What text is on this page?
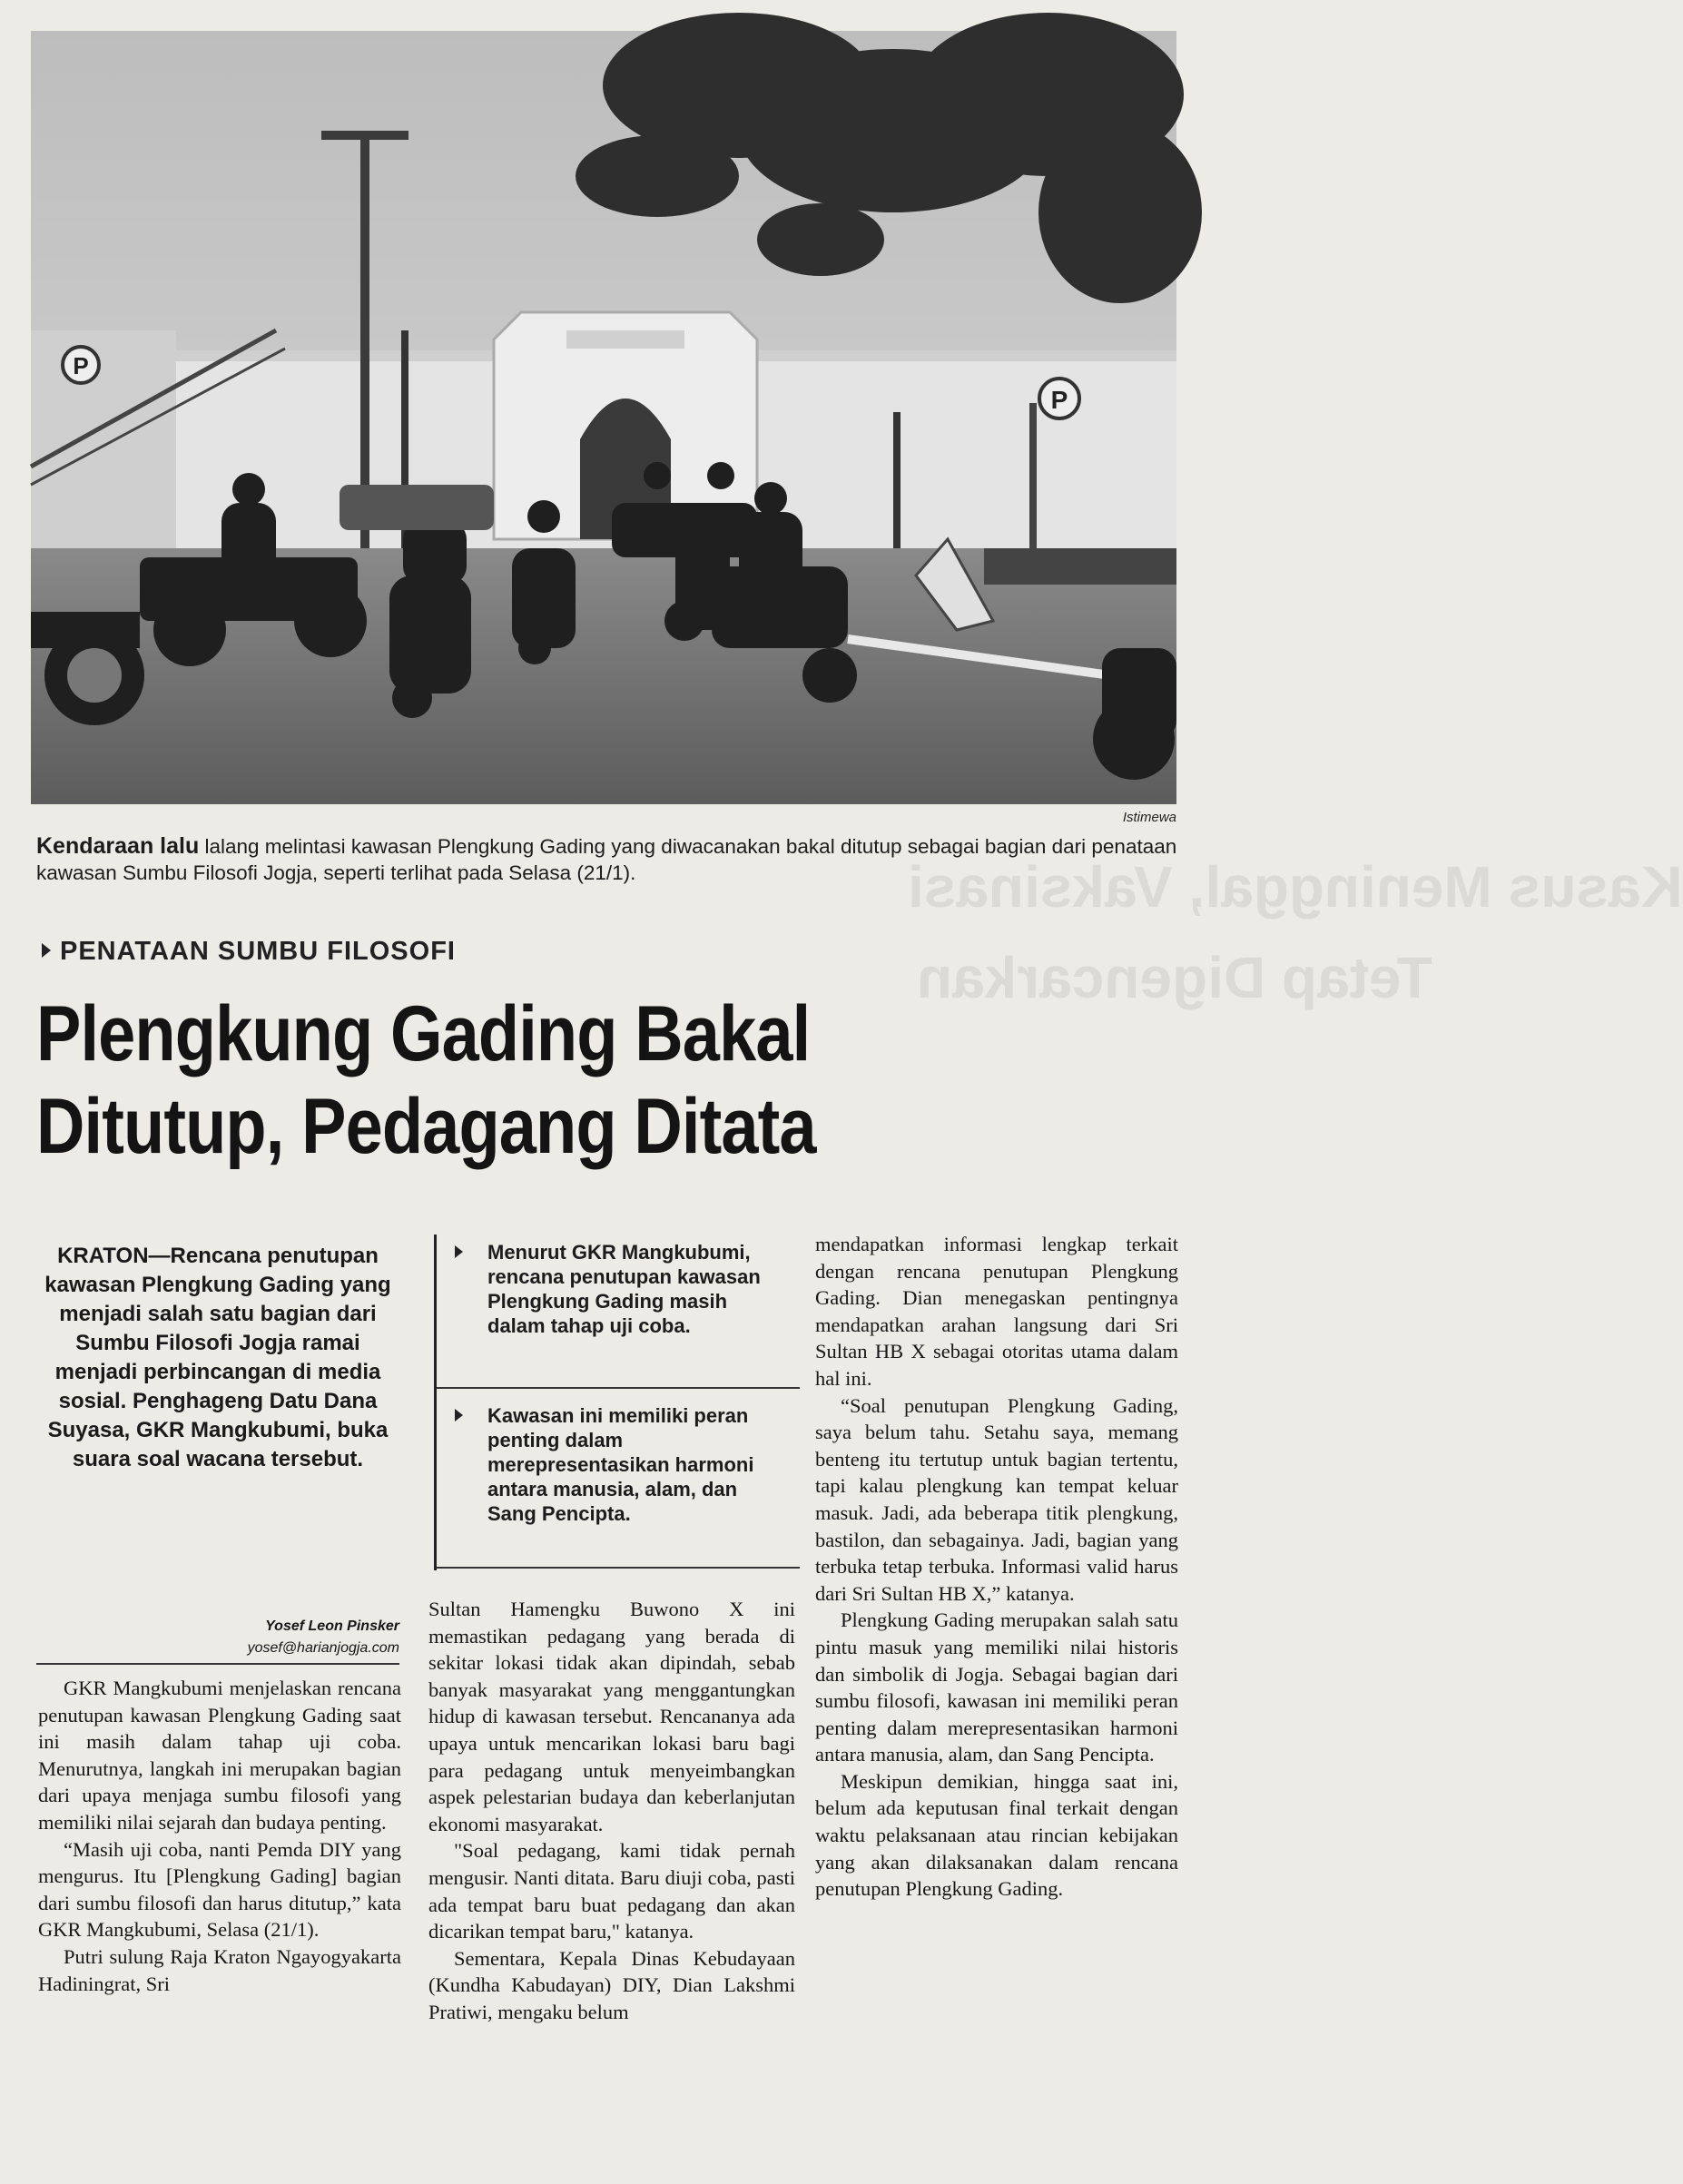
Kasus Meninggal, Vaksinasi
Tetap Digencarkan
P
P
Istimewa
Kendaraan lalu lalang melintasi kawasan Plengkung Gading yang diwacanakan bakal ditutup sebagai bagian dari penataan kawasan Sumbu Filosofi Jogja, seperti terlihat pada Selasa (21/1).
PENATAAN SUMBU FILOSOFI
Plengkung Gading Bakal
Ditutup, Pedagang Ditata
KRATON—Rencana penutupan kawasan Plengkung Gading yang menjadi salah satu bagian dari Sumbu Filosofi Jogja ramai menjadi perbincangan di media sosial. Penghageng Datu Dana Suyasa, GKR Mangkubumi, buka suara soal wacana tersebut.
Yosef Leon Pinsker
yosef@harianjogja.com
Menurut GKR Mangkubumi, rencana penutupan kawasan Plengkung Gading masih dalam tahap uji coba.
Kawasan ini memiliki peran penting dalam merepresentasikan harmoni antara manusia, alam, dan Sang Pencipta.

GKR Mangkubumi menjelaskan rencana penutupan kawasan Plengkung Gading saat ini masih dalam tahap uji coba. Menurutnya, langkah ini merupakan bagian dari upaya menjaga sumbu filosofi yang memiliki nilai sejarah dan budaya penting.

“Masih uji coba, nanti Pemda DIY yang mengurus. Itu [Plengkung Gading] bagian dari sumbu filosofi dan harus ditutup,” kata GKR Mangkubumi, Selasa (21/1).

Putri sulung Raja Kraton Ngayogyakarta Hadiningrat, Sri

Sultan Hamengku Buwono X ini memastikan pedagang yang berada di sekitar lokasi tidak akan dipindah, sebab banyak masyarakat yang menggantungkan hidup di kawasan tersebut. Rencananya ada upaya untuk mencarikan lokasi baru bagi para pedagang untuk menyeimbangkan aspek pelestarian budaya dan keberlanjutan ekonomi masyarakat.

"Soal pedagang, kami tidak pernah mengusir. Nanti ditata. Baru diuji coba, pasti ada tempat baru buat pedagang dan akan dicarikan tempat baru," katanya.

Sementara, Kepala Dinas Kebudayaan (Kundha Kabudayan) DIY, Dian Lakshmi Pratiwi, mengaku belum

mendapatkan informasi lengkap terkait dengan rencana penutupan Plengkung Gading. Dian menegaskan pentingnya mendapatkan arahan langsung dari Sri Sultan HB X sebagai otoritas utama dalam hal ini.

“Soal penutupan Plengkung Gading, saya belum tahu. Setahu saya, memang benteng itu tertutup untuk bagian tertentu, tapi kalau plengkung kan tempat keluar masuk. Jadi, ada beberapa titik plengkung, bastilon, dan sebagainya. Jadi, bagian yang terbuka tetap terbuka. Informasi valid harus dari Sri Sultan HB X,” katanya.

Plengkung Gading merupakan salah satu pintu masuk yang memiliki nilai historis dan simbolik di Jogja. Sebagai bagian dari sumbu filosofi, kawasan ini memiliki peran penting dalam merepresentasikan harmoni antara manusia, alam, dan Sang Pencipta.

Meskipun demikian, hingga saat ini, belum ada keputusan final terkait dengan waktu pelaksanaan atau rincian kebijakan yang akan dilaksanakan dalam rencana penutupan Plengkung Gading.
